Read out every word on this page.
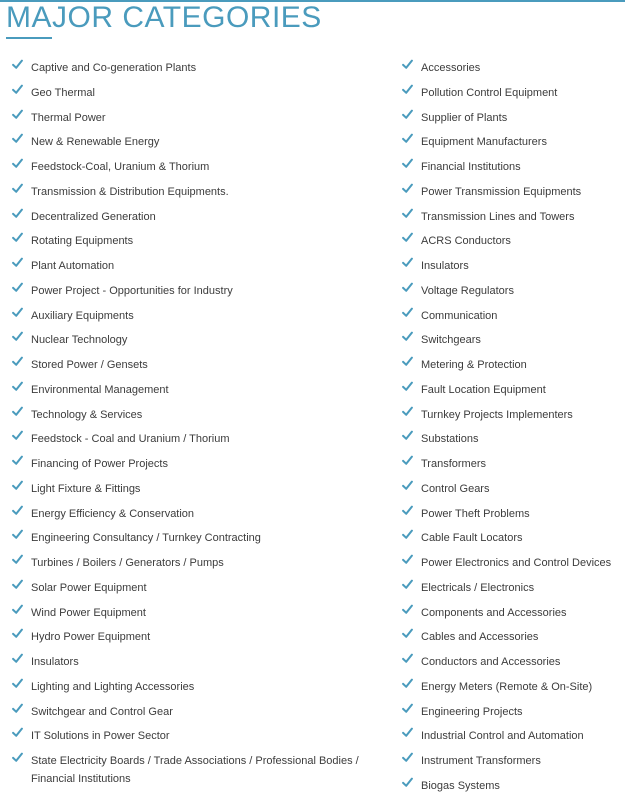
MAJOR CATEGORIES
Captive and Co-generation Plants
Geo Thermal
Thermal Power
New & Renewable Energy
Feedstock-Coal, Uranium & Thorium
Transmission & Distribution Equipments.
Decentralized Generation
Rotating Equipments
Plant Automation
Power Project - Opportunities for Industry
Auxiliary Equipments
Nuclear Technology
Stored Power / Gensets
Environmental Management
Technology & Services
Feedstock - Coal and Uranium / Thorium
Financing of Power Projects
Light Fixture & Fittings
Energy Efficiency & Conservation
Engineering Consultancy / Turnkey Contracting
Turbines / Boilers / Generators / Pumps
Solar Power Equipment
Wind Power Equipment
Hydro Power Equipment
Insulators
Lighting and Lighting Accessories
Switchgear and Control Gear
IT Solutions in Power Sector
State Electricity Boards / Trade Associations / Professional Bodies / Financial Institutions
Accessories
Pollution Control Equipment
Supplier of Plants
Equipment Manufacturers
Financial Institutions
Power Transmission Equipments
Transmission Lines and Towers
ACRS Conductors
Insulators
Voltage Regulators
Communication
Switchgears
Metering & Protection
Fault Location Equipment
Turnkey Projects Implementers
Substations
Transformers
Control Gears
Power Theft Problems
Cable Fault Locators
Power Electronics and Control Devices
Electricals / Electronics
Components and Accessories
Cables and Accessories
Conductors and Accessories
Energy Meters (Remote & On-Site)
Engineering Projects
Industrial Control and Automation
Instrument Transformers
Biogas Systems
